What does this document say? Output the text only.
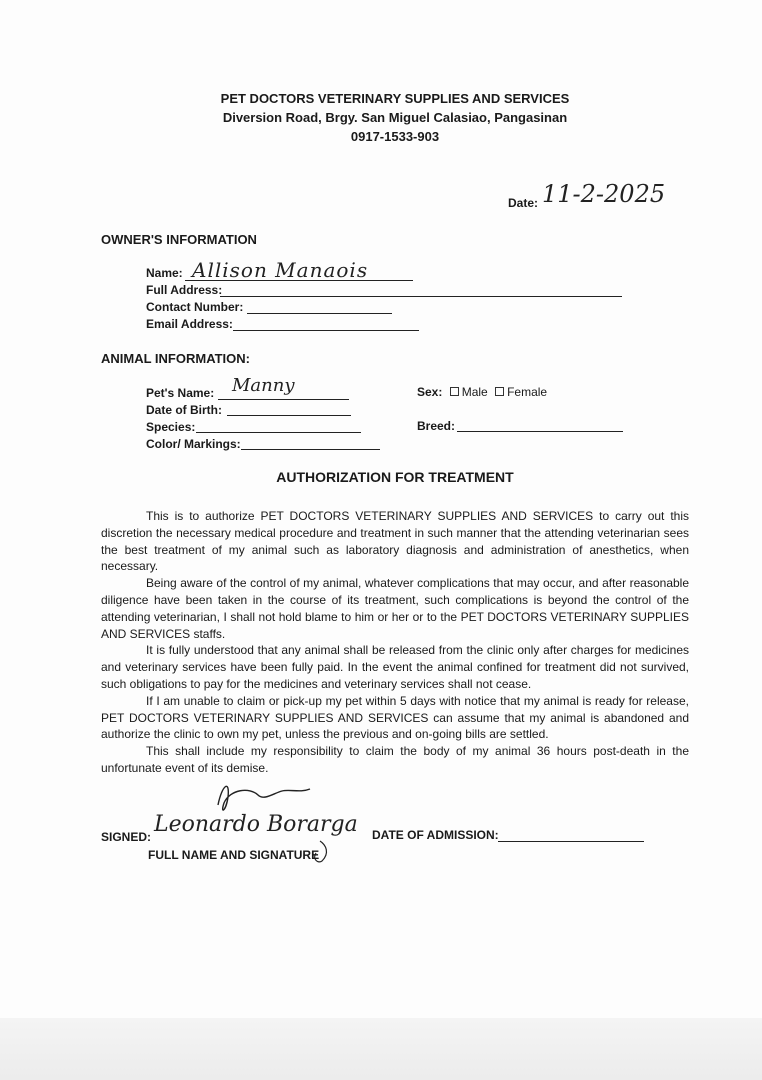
PET DOCTORS VETERINARY SUPPLIES AND SERVICES
Diversion Road, Brgy. San Miguel Calasiao, Pangasinan
0917-1533-903
Date: 11-2-2025
OWNER'S INFORMATION
Name: Allison Manaois
Full Address:
Contact Number:
Email Address:
ANIMAL INFORMATION:
Pet's Name: Manny
Date of Birth:
Species:
Color/ Markings:
Sex: Male Female
Breed:
AUTHORIZATION FOR TREATMENT

This is to authorize PET DOCTORS VETERINARY SUPPLIES AND SERVICES to carry out this discretion the necessary medical procedure and treatment in such manner that the attending veterinarian sees the best treatment of my animal such as laboratory diagnosis and administration of anesthetics, when necessary.

Being aware of the control of my animal, whatever complications that may occur, and after reasonable diligence have been taken in the course of its treatment, such complications is beyond the control of the attending veterinarian, I shall not hold blame to him or her or to the PET DOCTORS VETERINARY SUPPLIES AND SERVICES staffs.

It is fully understood that any animal shall be released from the clinic only after charges for medicines and veterinary services have been fully paid. In the event the animal confined for treatment did not survived, such obligations to pay for the medicines and veterinary services shall not cease.

If I am unable to claim or pick-up my pet within 5 days with notice that my animal is ready for release, PET DOCTORS VETERINARY SUPPLIES AND SERVICES can assume that my animal is abandoned and authorize the clinic to own my pet, unless the previous and on-going bills are settled.

This shall include my responsibility to claim the body of my animal 36 hours post-death in the unfortunate event of its demise.

SIGNED: Leonardo Borarga
FULL NAME AND SIGNATURE
DATE OF ADMISSION:
